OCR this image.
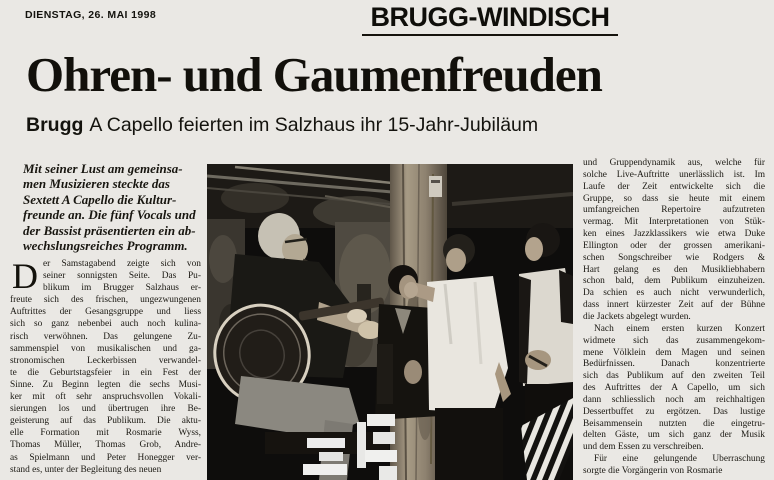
DIENSTAG, 26. MAI 1998	BRUGG-WINDISCH
Ohren- und Gaumenfreuden
Brugg A Capello feierten im Salzhaus ihr 15-Jahr-Jubiläum
Mit seiner Lust am gemeinsa-
men Musizieren steckte das
Sextett A Capello die Kultur-
freunde an. Die fünf Vocals und
der Bassist präsentierten ein ab-
wechslungsreiches Programm.
D er Samstagabend zeigte sich von
seiner sonnigsten Seite. Das Pu-
blikum im Brugger Salzhaus er-
freute sich des frischen, ungezwungenen
Auftrittes der Gesangsgruppe und liess
sich so ganz nebenbei auch noch kulina-
risch verwöhnen. Das gelungene Zu-
sammenspiel von musikalischen und ga-
stronomischen Leckerbissen verwandel-
te die Geburtstagsfeier in ein Fest der
Sinne. Zu Beginn legten die sechs Musi-
ker mit oft sehr anspruchsvollen Vokali-
sierungen los und übertrugen ihre Be-
geisterung auf das Publikum. Die aktu-
elle Formation mit Rosmarie Wyss,
Thomas Müller, Thomas Grob, Andre-
as Spielmann und Peter Honegger ver-
stand es, unter der Begleitung des neuen
und Gruppendynamik aus, welche für
solche Live-Auftritte unerlässlich ist. Im
Laufe der Zeit entwickelte sich die
Gruppe, so dass sie heute mit einem
umfangreichen Repertoire aufzutreten
vermag. Mit Interpretationen von Stük-
ken eines Jazzklassikers wie etwa Duke
Ellington oder der grossen amerikani-
schen Songschreiber wie Rodgers &
Hart gelang es den Musikliebhabern
schon bald, dem Publikum einzuheizen.
Da schien es auch nicht verwunderlich,
dass innert kürzester Zeit auf der Bühne
die Jackets abgelegt wurden.
Nach einem ersten kurzen Konzert
widmete sich das zusammengekom-
mene Völklein dem Magen und seinen
Bedürfnissen. Danach konzentrierte
sich das Publikum auf den zweiten Teil
des Auftrittes der A Capello, um sich
dann schliesslich noch am reichhaltigen
Dessertbuffet zu ergötzen. Das lustige
Beisammensein nutzten die eingetru-
delten Gäste, um sich ganz der Musik
und dem Essen zu verschreiben.
Für eine gelungende Überraschung
sorgte die Vorgängerin von Rosmarie
